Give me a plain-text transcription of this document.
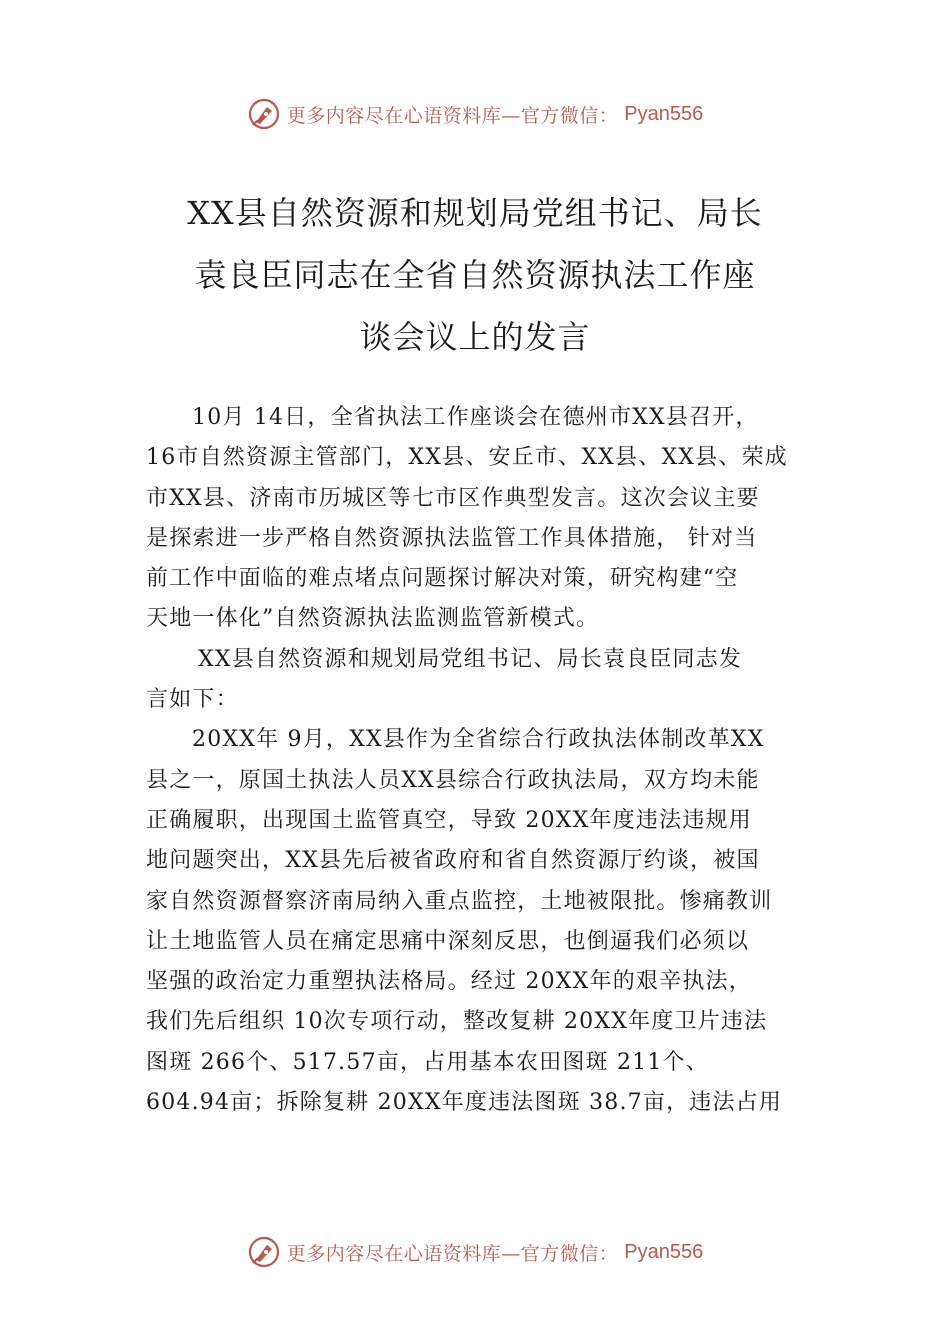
更多内容尽在心语资料库—官方微信： Pyan556
XX县自然资源和规划局党组书记、局长
袁良臣同志在全省自然资源执法工作座
谈会议上的发言
10月 14日，全省执法工作座谈会在德州市XX县召开，
16市自然资源主管部门，XX县、安丘市、XX县、XX县、荣成
市XX县、济南市历城区等七市区作典型发言。这次会议主要
是探索进一步严格自然资源执法监管工作具体措施， 针对当
前工作中面临的难点堵点问题探讨解决对策，研究构建“空
天地一体化”自然资源执法监测监管新模式。
XX县自然资源和规划局党组书记、局长袁良臣同志发
言如下：
20XX年 9月，XX县作为全省综合行政执法体制改革XX
县之一，原国土执法人员XX县综合行政执法局，双方均未能
正确履职，出现国土监管真空，导致 20XX年度违法违规用
地问题突出，XX县先后被省政府和省自然资源厅约谈，被国
家自然资源督察济南局纳入重点监控，土地被限批。惨痛教训
让土地监管人员在痛定思痛中深刻反思，也倒逼我们必须以
坚强的政治定力重塑执法格局。经过 20XX年的艰辛执法，
我们先后组织 10次专项行动，整改复耕 20XX年度卫片违法
图斑 266个、517.57亩，占用基本农田图斑 211个、
604.94亩；拆除复耕 20XX年度违法图斑 38.7亩，违法占用
更多内容尽在心语资料库—官方微信： Pyan556
